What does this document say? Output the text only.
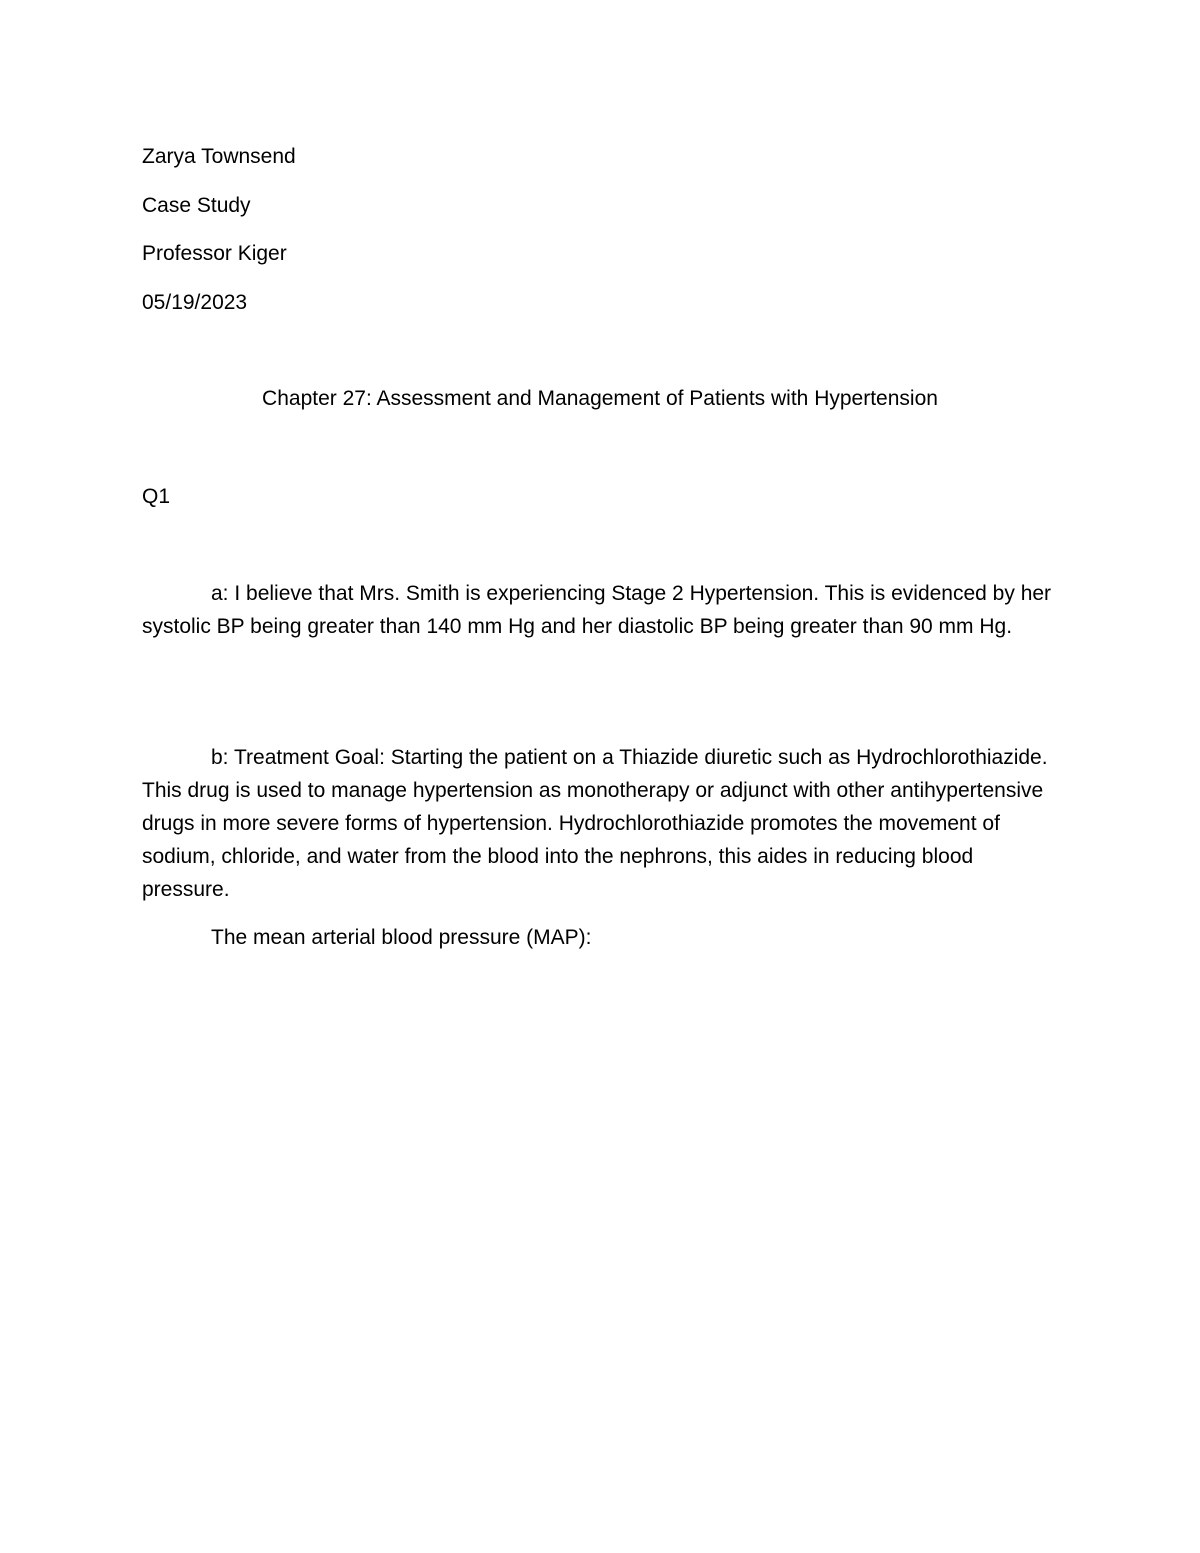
Zarya Townsend

Case Study

Professor Kiger

05/19/2023

Chapter 27: Assessment and Management of Patients with Hypertension

Q1

a: I believe that Mrs. Smith is experiencing Stage 2 Hypertension. This is evidenced by her systolic BP being greater than 140 mm Hg and her diastolic BP being greater than 90 mm Hg.

b: Treatment Goal: Starting the patient on a Thiazide diuretic such as Hydrochlorothiazide. This drug is used to manage hypertension as monotherapy or adjunct with other antihypertensive drugs in more severe forms of hypertension. Hydrochlorothiazide promotes the movement of sodium, chloride, and water from the blood into the nephrons, this aides in reducing blood pressure.

The mean arterial blood pressure (MAP):
